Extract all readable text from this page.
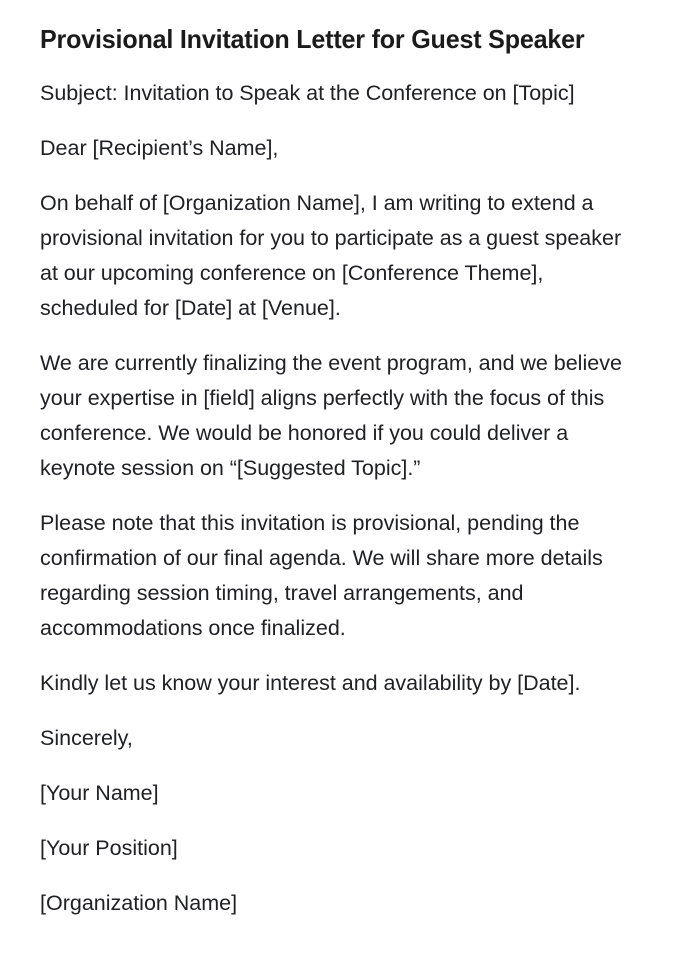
Provisional Invitation Letter for Guest Speaker

Subject: Invitation to Speak at the Conference on [Topic]

Dear [Recipient’s Name],

On behalf of [Organization Name], I am writing to extend a provisional invitation for you to participate as a guest speaker at our upcoming conference on [Conference Theme], scheduled for [Date] at [Venue].

We are currently finalizing the event program, and we believe your expertise in [field] aligns perfectly with the focus of this conference. We would be honored if you could deliver a keynote session on “[Suggested Topic].”

Please note that this invitation is provisional, pending the confirmation of our final agenda. We will share more details regarding session timing, travel arrangements, and accommodations once finalized.

Kindly let us know your interest and availability by [Date].

Sincerely,

[Your Name]

[Your Position]

[Organization Name]
